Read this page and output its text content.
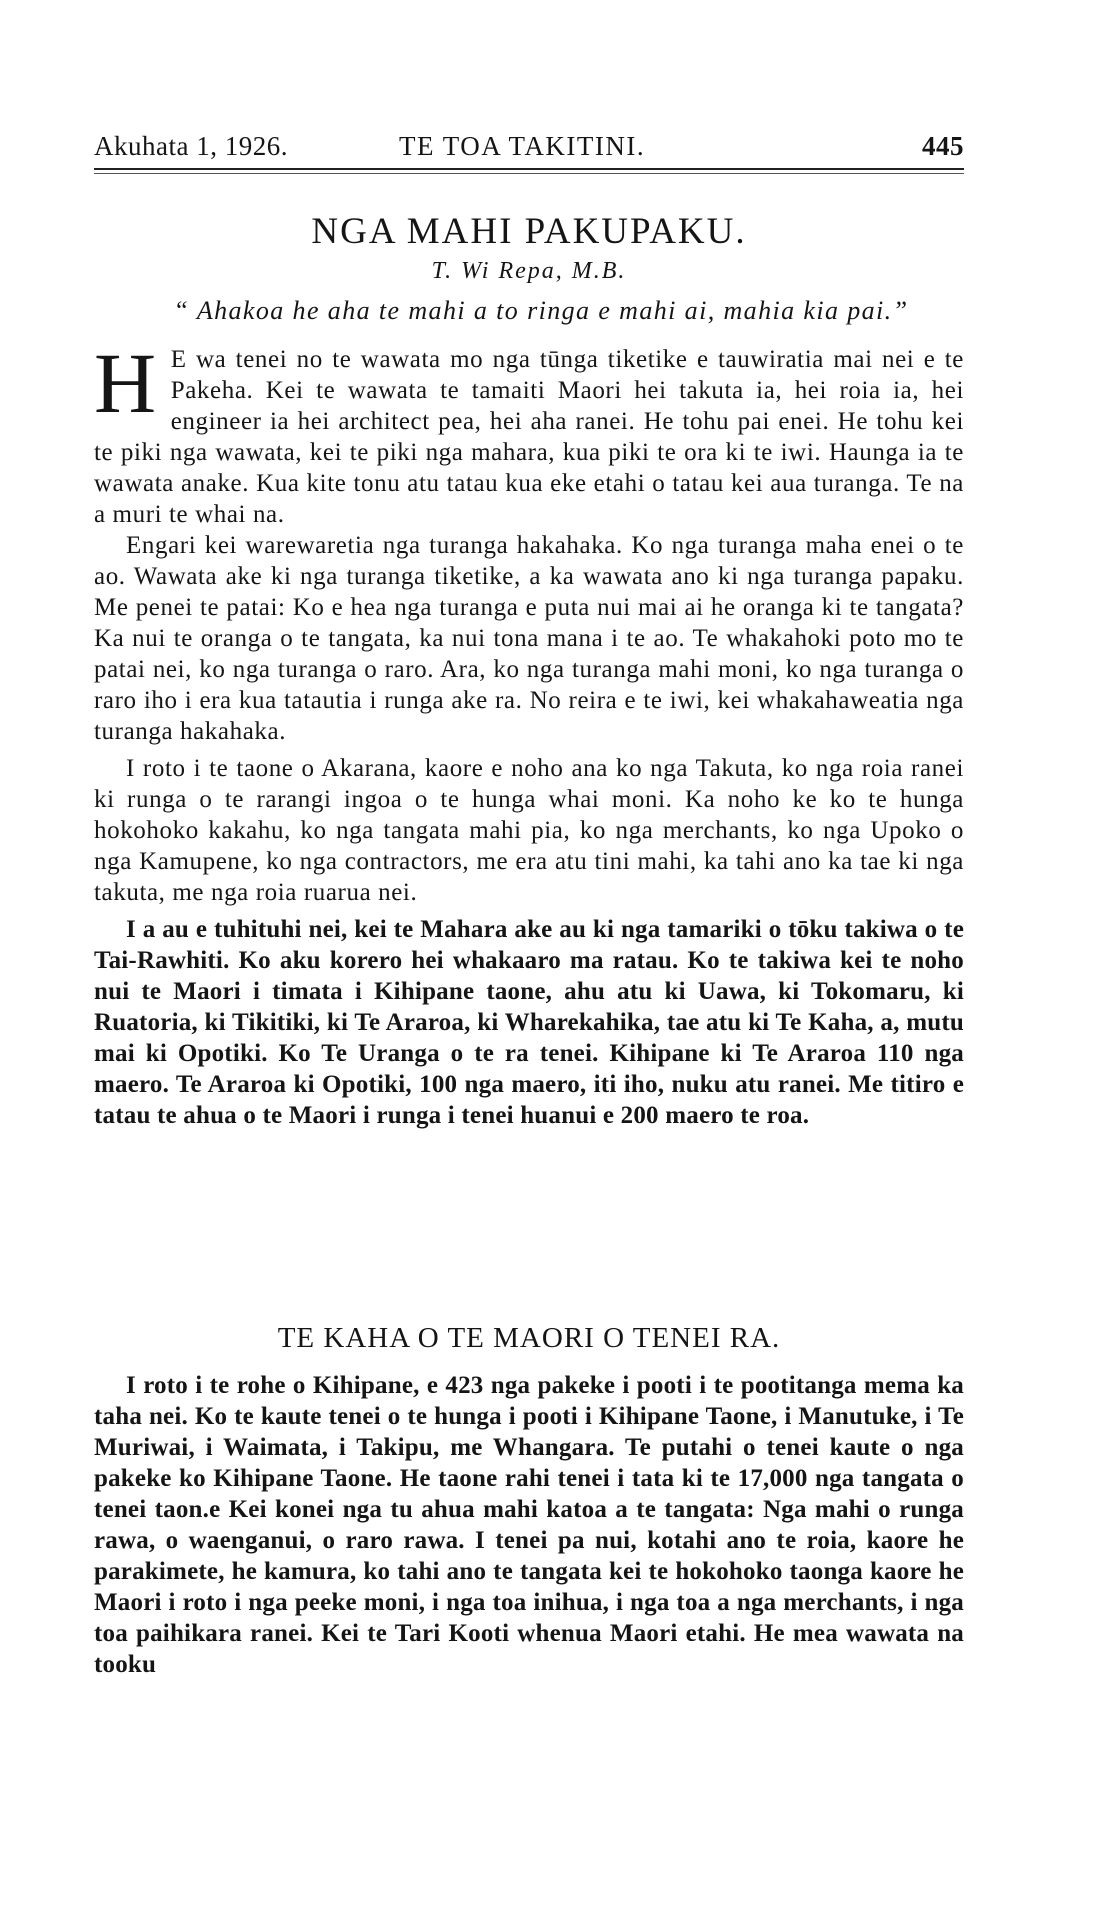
Akuhata 1, 1926.	TE TOA TAKITINI.	445
NGA MAHI PAKUPAKU.
T. Wi Repa, M.B.
“ Ahakoa he aha te mahi a to ringa e mahi ai, mahia kia pai.”

H E wa tenei no te wawata mo nga tūnga tiketike e tauwiratia mai nei e te Pakeha. Kei te wawata te tamaiti Maori hei takuta ia, hei roia ia, hei engineer ia hei architect pea, hei aha ranei. He tohu pai enei. He tohu kei te piki nga wawata, kei te piki nga mahara, kua piki te ora ki te iwi. Haunga ia te wawata anake. Kua kite tonu atu tatau kua eke etahi o tatau kei aua turanga. Te na a muri te whai na.

Engari kei warewaretia nga turanga hakahaka. Ko nga turanga maha enei o te ao. Wawata ake ki nga turanga tiketike, a ka wawata ano ki nga turanga papaku. Me penei te patai: Ko e hea nga turanga e puta nui mai ai he oranga ki te tangata? Ka nui te oranga o te tangata, ka nui tona mana i te ao. Te whakahoki poto mo te patai nei, ko nga turanga o raro. Ara, ko nga turanga mahi moni, ko nga turanga o raro iho i era kua tatautia i runga ake ra. No reira e te iwi, kei whakahaweatia nga turanga hakahaka.

I roto i te taone o Akarana, kaore e noho ana ko nga Takuta, ko nga roia ranei ki runga o te rarangi ingoa o te hunga whai moni. Ka noho ke ko te hunga hokohoko kakahu, ko nga tangata mahi pia, ko nga merchants, ko nga Upoko o nga Kamupene, ko nga contractors, me era atu tini mahi, ka tahi ano ka tae ki nga takuta, me nga roia ruarua nei.

I a au e tuhituhi nei, kei te Mahara ake au ki nga tamariki o tōku takiwa o te Tai-Rawhiti. Ko aku korero hei whakaaro ma ratau. Ko te takiwa kei te noho nui te Maori i timata i Kihipane taone, ahu atu ki Uawa, ki Tokomaru, ki Ruatoria, ki Tikitiki, ki Te Araroa, ki Wharekahika, tae atu ki Te Kaha, a, mutu mai ki Opotiki. Ko Te Uranga o te ra tenei. Kihipane ki Te Araroa 110 nga maero. Te Araroa ki Opotiki, 100 nga maero, iti iho, nuku atu ranei. Me titiro e tatau te ahua o te Maori i runga i tenei huanui e 200 maero te roa.

TE KAHA O TE MAORI O TENEI RA.

I roto i te rohe o Kihipane, e 423 nga pakeke i pooti i te pootitanga mema ka taha nei. Ko te kaute tenei o te hunga i pooti i Kihipane Taone, i Manutuke, i Te Muriwai, i Waimata, i Takipu, me Whangara. Te putahi o tenei kaute o nga pakeke ko Kihipane Taone. He taone rahi tenei i tata ki te 17,000 nga tangata o tenei taon.e Kei konei nga tu ahua mahi katoa a te tangata: Nga mahi o runga rawa, o waenganui, o raro rawa. I tenei pa nui, kotahi ano te roia, kaore he parakimete, he kamura, ko tahi ano te tangata kei te hokohoko taonga kaore he Maori i roto i nga peeke moni, i nga toa inihua, i nga toa a nga merchants, i nga toa paihikara ranei. Kei te Tari Kooti whenua Maori etahi. He mea wawata na tooku
